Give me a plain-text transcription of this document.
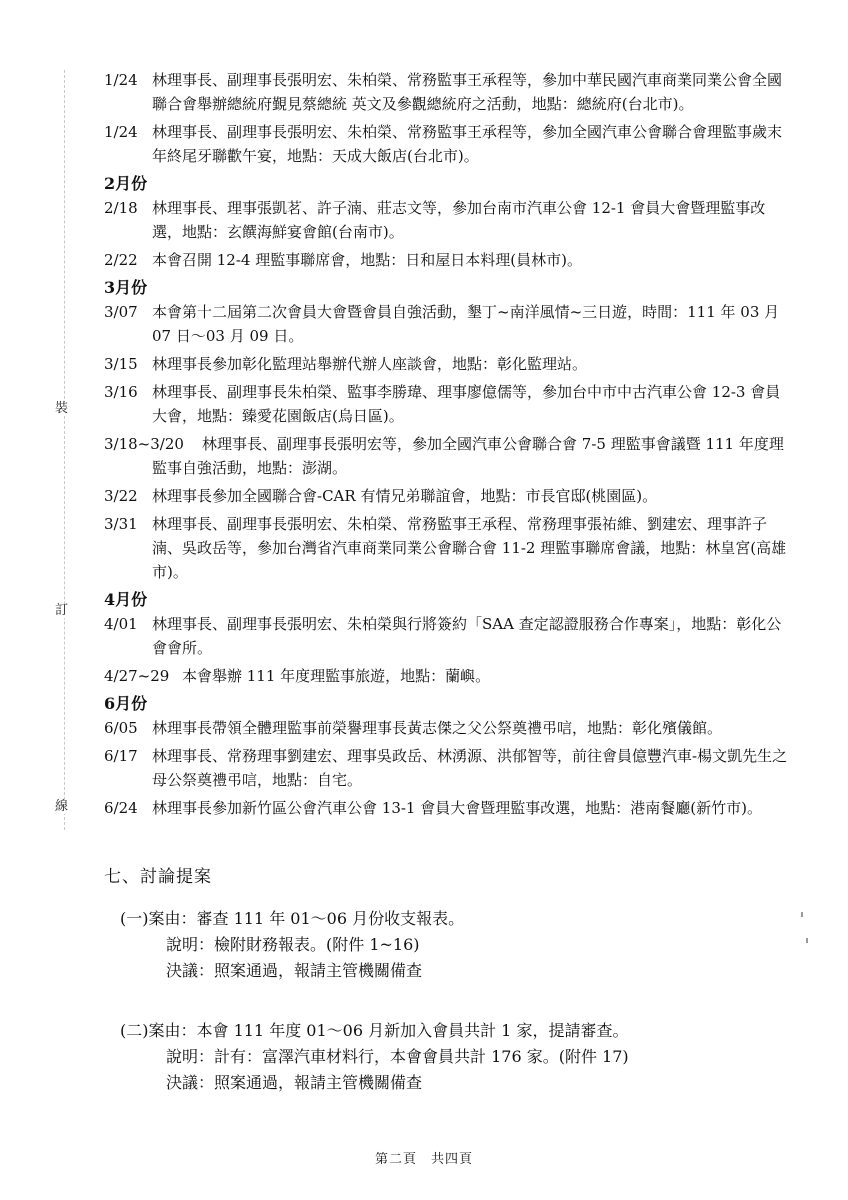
裝
訂
線
1/24 林理事長、副理事長張明宏、朱柏榮、常務監事王承程等，參加中華民國汽車商業同業公會全國聯合會舉辦總統府覲見蔡總統 英文及參觀總統府之活動，地點：總統府(台北市)。
1/24 林理事長、副理事長張明宏、朱柏榮、常務監事王承程等，參加全國汽車公會聯合會理監事歲末年終尾牙聯歡午宴，地點：天成大飯店(台北市)。
2月份
2/18 林理事長、理事張凱茗、許子湳、莊志文等，參加台南市汽車公會 12-1 會員大會暨理監事改選，地點：玄饌海鮮宴會館(台南市)。
2/22 本會召開 12-4 理監事聯席會，地點：日和屋日本料理(員林市)。
3月份
3/07 本會第十二屆第二次會員大會暨會員自強活動，墾丁~南洋風情~三日遊，時間：111 年 03 月 07 日～03 月 09 日。
3/15 林理事長參加彰化監理站舉辦代辦人座談會，地點：彰化監理站。
3/16 林理事長、副理事長朱柏榮、監事李勝瑋、理事廖億儒等，參加台中市中古汽車公會 12-3 會員大會，地點：臻愛花園飯店(烏日區)。
3/18~3/20	林理事長、副理事長張明宏等，參加全國汽車公會聯合會 7-5 理監事會議暨 111 年度理監事自強活動，地點：澎湖。
3/22 林理事長參加全國聯合會-CAR 有情兄弟聯誼會，地點：市長官邸(桃園區)。
3/31 林理事長、副理事長張明宏、朱柏榮、常務監事王承程、常務理事張祐維、劉建宏、理事許子湳、吳政岳等，參加台灣省汽車商業同業公會聯合會 11-2 理監事聯席會議，地點：林皇宮(高雄市)。
4月份
4/01 林理事長、副理事長張明宏、朱柏榮與行將簽約「SAA 查定認證服務合作專案」，地點：彰化公會會所。
4/27~29 本會舉辦 111 年度理監事旅遊，地點：蘭嶼。
6月份
6/05 林理事長帶領全體理監事前榮譽理事長黃志傑之父公祭奠禮弔唁，地點：彰化殯儀館。
6/17 林理事長、常務理事劉建宏、理事吳政岳、林湧源、洪郁智等，前往會員億豐汽車-楊文凱先生之母公祭奠禮弔唁，地點：自宅。
6/24 林理事長參加新竹區公會汽車公會 13-1 會員大會暨理監事改選，地點：港南餐廳(新竹市)。
七、討論提案
(一)案由：審查 111 年 01～06 月份收支報表。
說明：檢附財務報表。(附件 1~16)
決議：照案通過，報請主管機關備查
(二)案由：本會 111 年度 01～06 月新加入會員共計 1 家，提請審查。
說明：計有：富澤汽車材料行，本會會員共計 176 家。(附件 17)
決議：照案通過，報請主管機關備查
第二頁　共四頁
